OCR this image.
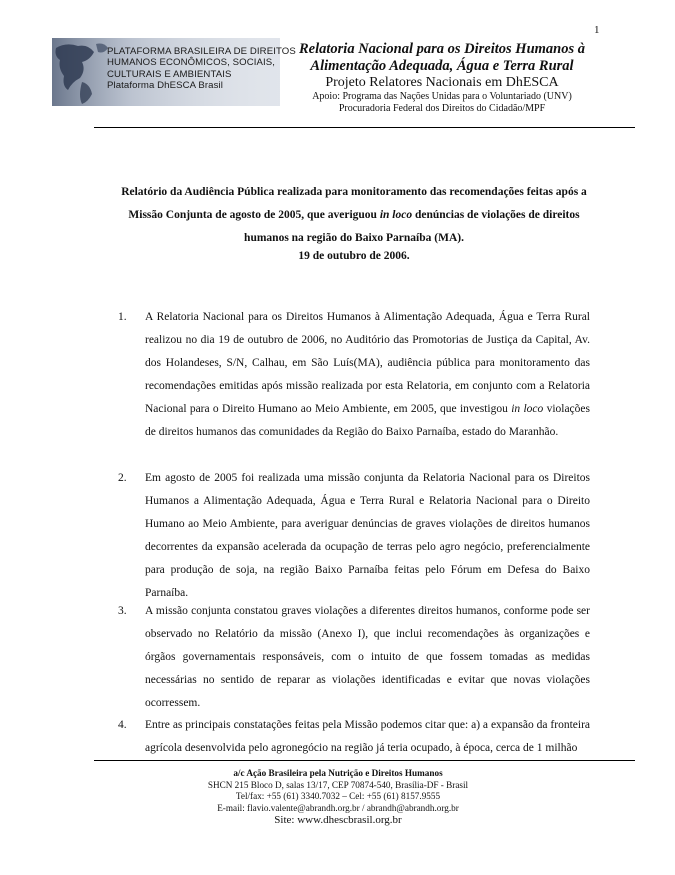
1
PLATAFORMA BRASILEIRA DE DIREITOS
HUMANOS ECONÔMICOS, SOCIAIS,
CULTURAIS E AMBIENTAIS
Plataforma DhESCA Brasil
Relatoria Nacional para os Direitos Humanos à
Alimentação Adequada, Água e Terra Rural
Projeto Relatores Nacionais em DhESCA
Apoio: Programa das Nações Unidas para o Voluntariado (UNV)
Procuradoria Federal dos Direitos do Cidadão/MPF
Relatório da Audiência Pública realizada para monitoramento das recomendações feitas após a Missão Conjunta de agosto de 2005, que averiguou in loco denúncias de violações de direitos humanos na região do Baixo Parnaíba (MA).
19 de outubro de 2006.
1.	A Relatoria Nacional para os Direitos Humanos à Alimentação Adequada, Água e Terra Rural realizou no dia 19 de outubro de 2006, no Auditório das Promotorias de Justiça da Capital, Av. dos Holandeses, S/N, Calhau, em São Luís(MA), audiência pública para monitoramento das recomendações emitidas após missão realizada por esta Relatoria, em conjunto com a Relatoria Nacional para o Direito Humano ao Meio Ambiente, em 2005, que investigou in loco violações de direitos humanos das comunidades da Região do Baixo Parnaíba, estado do Maranhão.
2.	Em agosto de 2005 foi realizada uma missão conjunta da Relatoria Nacional para os Direitos Humanos a Alimentação Adequada, Água e Terra Rural e Relatoria Nacional para o Direito Humano ao Meio Ambiente, para averiguar denúncias de graves violações de direitos humanos decorrentes da expansão acelerada da ocupação de terras pelo agro negócio, preferencialmente para produção de soja, na região Baixo Parnaíba feitas pelo Fórum em Defesa do Baixo Parnaíba.
3.	A missão conjunta constatou graves violações a diferentes direitos humanos, conforme pode ser observado no Relatório da missão (Anexo I), que inclui recomendações às organizações e órgãos governamentais responsáveis, com o intuito de que fossem tomadas as medidas necessárias no sentido de reparar as violações identificadas e evitar que novas violações ocorressem.
4.	Entre as principais constatações feitas pela Missão podemos citar que: a) a expansão da fronteira agrícola desenvolvida pelo agronegócio na região já teria ocupado, à época, cerca de 1 milhão
a/c Ação Brasileira pela Nutrição e Direitos Humanos
SHCN 215 Bloco D, salas 13/17, CEP 70874-540, Brasília-DF - Brasil
Tel/fax: +55 (61) 3340.7032 – Cel: +55 (61) 8157.9555
E-mail: flavio.valente@abrandh.org.br / abrandh@abrandh.org.br
Site: www.dhescbrasil.org.br
